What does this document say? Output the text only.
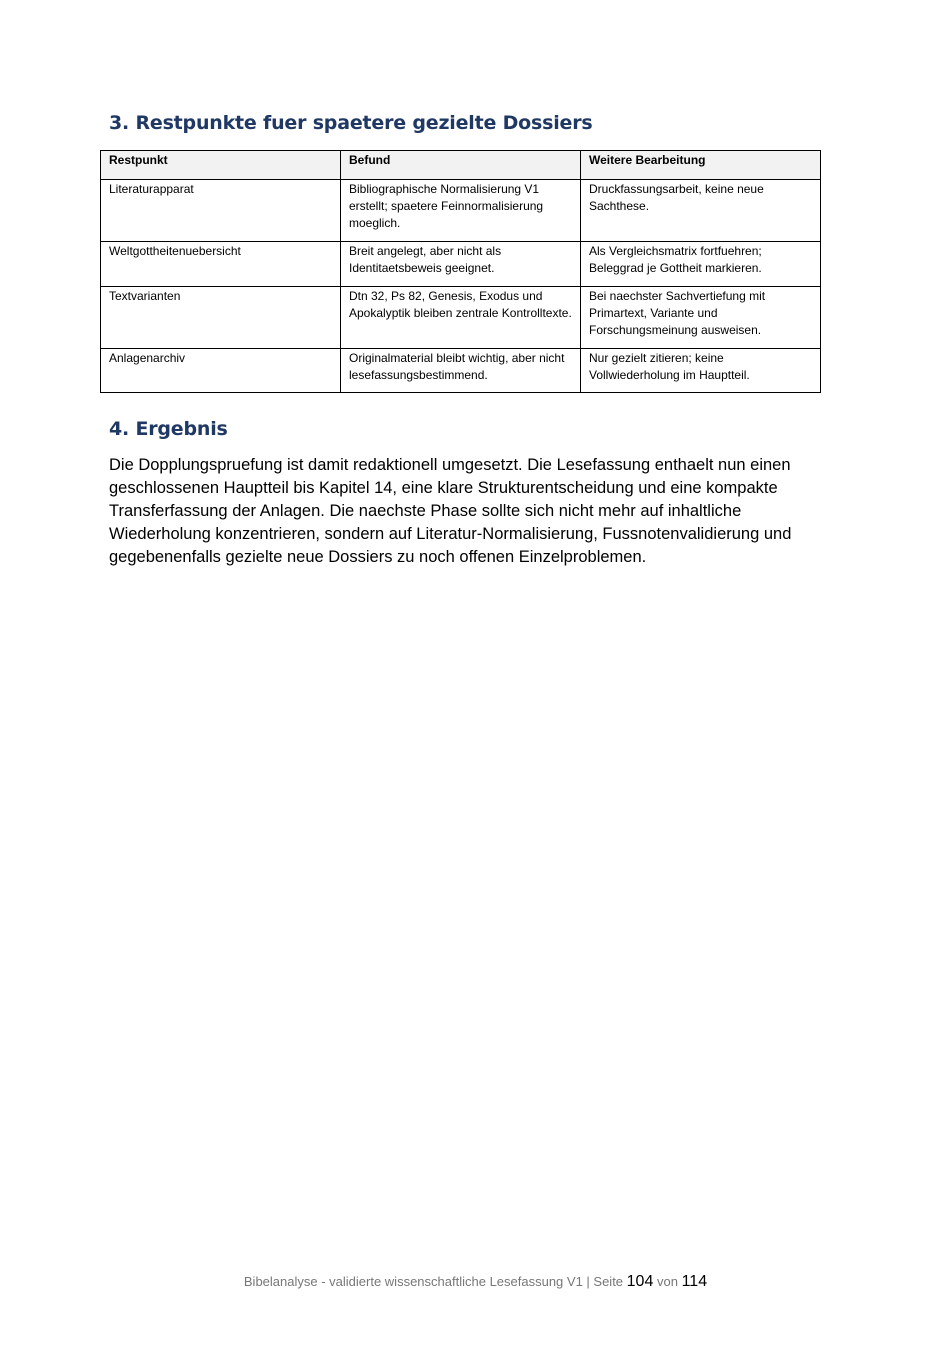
3. Restpunkte fuer spaetere gezielte Dossiers
Restpunkt	Befund	Weitere Bearbeitung
Literaturapparat	Bibliographische Normalisierung V1 erstellt; spaetere Feinnormalisierung moeglich.	Druckfassungsarbeit, keine neue Sachthese.
Weltgottheitenuebersicht	Breit angelegt, aber nicht als Identitaetsbeweis geeignet.	Als Vergleichsmatrix fortfuehren; Beleggrad je Gottheit markieren.
Textvarianten	Dtn 32, Ps 82, Genesis, Exodus und Apokalyptik bleiben zentrale Kontrolltexte.	Bei naechster Sachvertiefung mit Primartext, Variante und Forschungsmeinung ausweisen.
Anlagenarchiv	Originalmaterial bleibt wichtig, aber nicht lesefassungsbestimmend.	Nur gezielt zitieren; keine Vollwiederholung im Hauptteil.
4. Ergebnis

Die Dopplungspruefung ist damit redaktionell umgesetzt. Die Lesefassung enthaelt nun einen geschlossenen Hauptteil bis Kapitel 14, eine klare Strukturentscheidung und eine kompakte Transferfassung der Anlagen. Die naechste Phase sollte sich nicht mehr auf inhaltliche Wiederholung konzentrieren, sondern auf Literatur-Normalisierung, Fussnotenvalidierung und gegebenenfalls gezielte neue Dossiers zu noch offenen Einzelproblemen.

Bibelanalyse - validierte wissenschaftliche Lesefassung V1 | Seite 104 von 114
